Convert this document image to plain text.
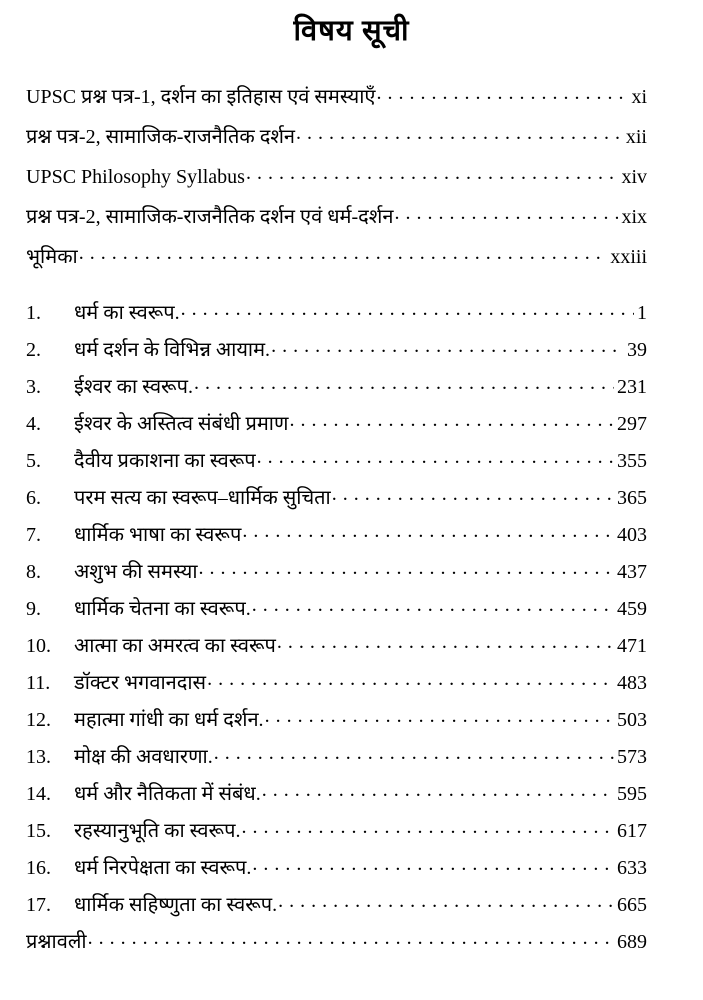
विषय सूची
UPSC प्रश्न पत्र-1, दर्शन का इतिहास एवं समस्याएँ . . .	xi
प्रश्न पत्र-2, सामाजिक-राजनैतिक दर्शन . . .	xii
UPSC Philosophy Syllabus . . .	xiv
प्रश्न पत्र-2, सामाजिक-राजनैतिक दर्शन एवं धर्म-दर्शन . . .	xix
भूमिका . . .	xxiii
1.	धर्म का स्वरूप. . . .	1
2.	धर्म दर्शन के विभिन्न आयाम. . . .	39
3.	ईश्वर का स्वरूप. . . .	231
4.	ईश्वर के अस्तित्व संबंधी प्रमाण . . .	297
5.	दैवीय प्रकाशना का स्वरूप . . .	355
6.	परम सत्य का स्वरूप–धार्मिक सुचिता . . .	365
7.	धार्मिक भाषा का स्वरूप . . .	403
8.	अशुभ की समस्या . . .	437
9.	धार्मिक चेतना का स्वरूप. . . .	459
10.	आत्मा का अमरत्व का स्वरूप . . .	471
11.	डॉक्टर भगवानदास . . .	483
12.	महात्मा गांधी का धर्म दर्शन. . . .	503
13.	मोक्ष की अवधारणा. . . .	573
14.	धर्म और नैतिकता में संबंध. . . .	595
15.	रहस्यानुभूति का स्वरूप. . . .	617
16.	धर्म निरपेक्षता का स्वरूप. . . .	633
17.	धार्मिक सहिष्णुता का स्वरूप. . . .	665
प्रश्नावली . . .	689
